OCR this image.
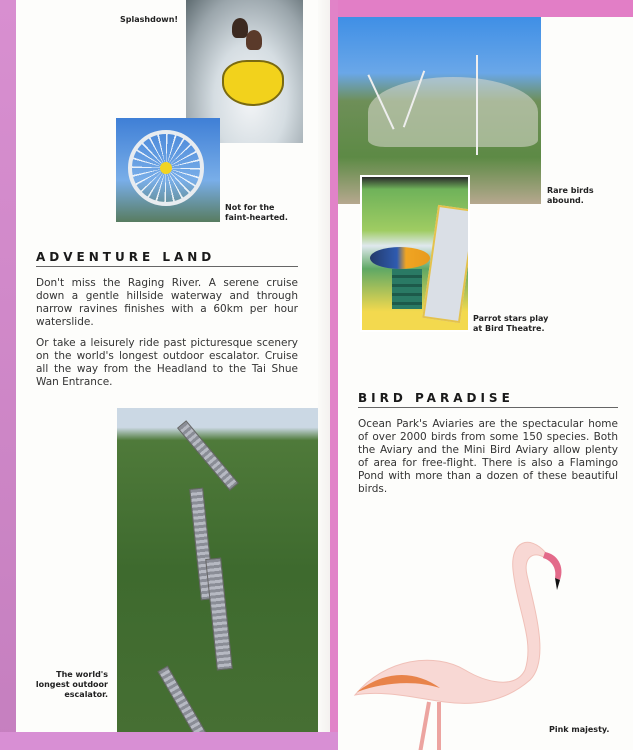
Splashdown!
Not for the
faint-hearted.
ADVENTURE LAND

Don't miss the Raging River. A serene cruise down a gentle hillside waterway and through narrow ravines finishes with a 60km per hour waterslide.

Or take a leisurely ride past picturesque scenery on the world's longest outdoor escalator. Cruise all the way from the Headland to the Tai Shue Wan Entrance.

The world's
longest outdoor
escalator.
Rare birds
abound.
Parrot stars play
at Bird Theatre.
BIRD PARADISE

Ocean Park's Aviaries are the spectacular home of over 2000 birds from some 150 species. Both the Aviary and the Mini Bird Aviary allow plenty of area for free-flight. There is also a Flamingo Pond with more than a dozen of these beautiful birds.

Pink majesty.
